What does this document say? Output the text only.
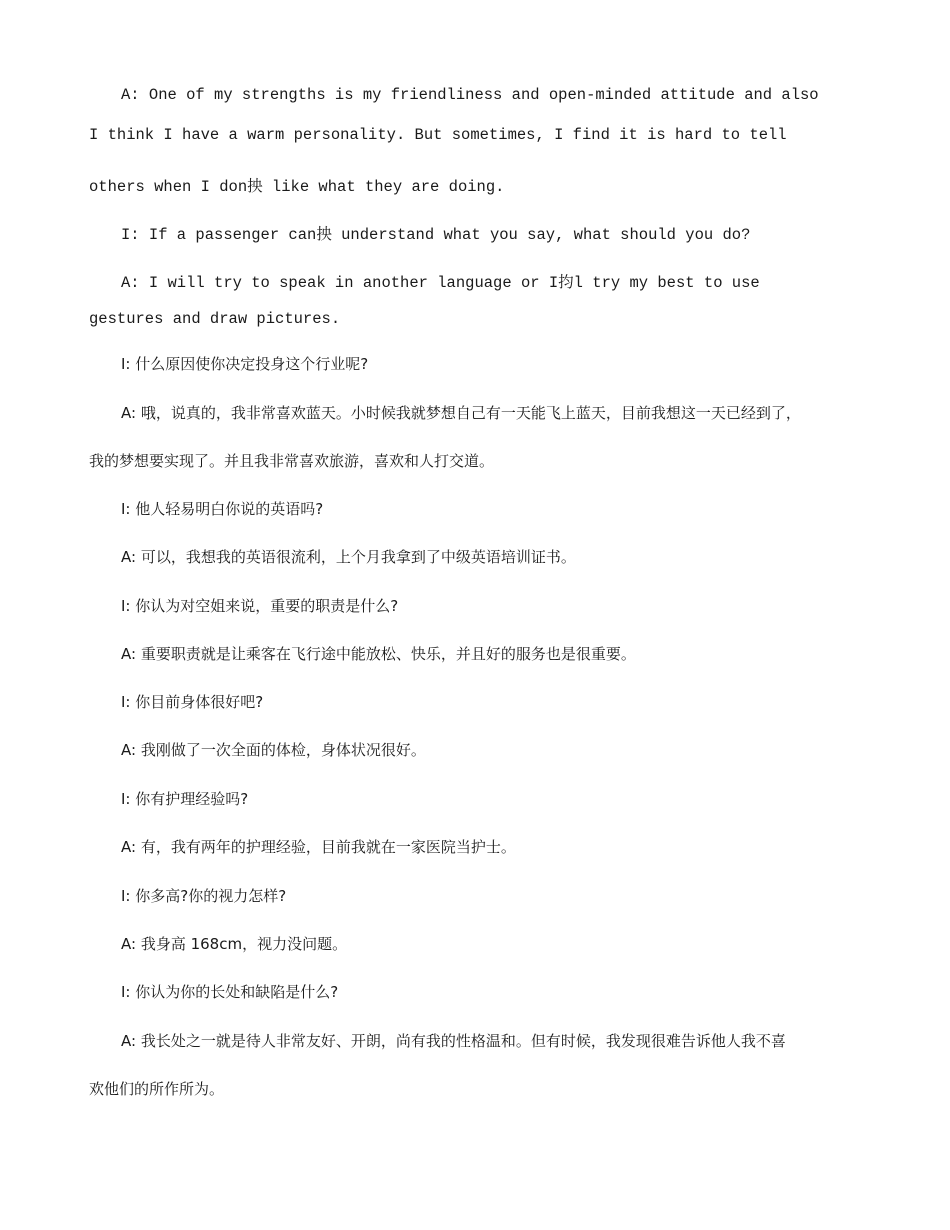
A: One of my strengths is my friendliness and open-minded attitude and also
I think I have a warm personality. But sometimes, I find it is hard to tell
others when I don抰 like what they are doing.
I: If a passenger can抰 understand what you say, what should you do?
A: I will try to speak in another language or I抣l try my best to use
gestures and draw pictures.
I: 什么原因使你决定投身这个行业呢?
A: 哦，说真的，我非常喜欢蓝天。小时候我就梦想自己有一天能飞上蓝天，目前我想这一天已经到了，
我的梦想要实现了。并且我非常喜欢旅游，喜欢和人打交道。
I: 他人轻易明白你说的英语吗?
A: 可以，我想我的英语很流利，上个月我拿到了中级英语培训证书。
I: 你认为对空姐来说，重要的职责是什么?
A: 重要职责就是让乘客在飞行途中能放松、快乐，并且好的服务也是很重要。
I: 你目前身体很好吧?
A: 我刚做了一次全面的体检，身体状况很好。
I: 你有护理经验吗?
A: 有，我有两年的护理经验，目前我就在一家医院当护士。
I: 你多高?你的视力怎样?
A: 我身高 168cm，视力没问题。
I: 你认为你的长处和缺陷是什么?
A: 我长处之一就是待人非常友好、开朗，尚有我的性格温和。但有时候，我发现很难告诉他人我不喜
欢他们的所作所为。
